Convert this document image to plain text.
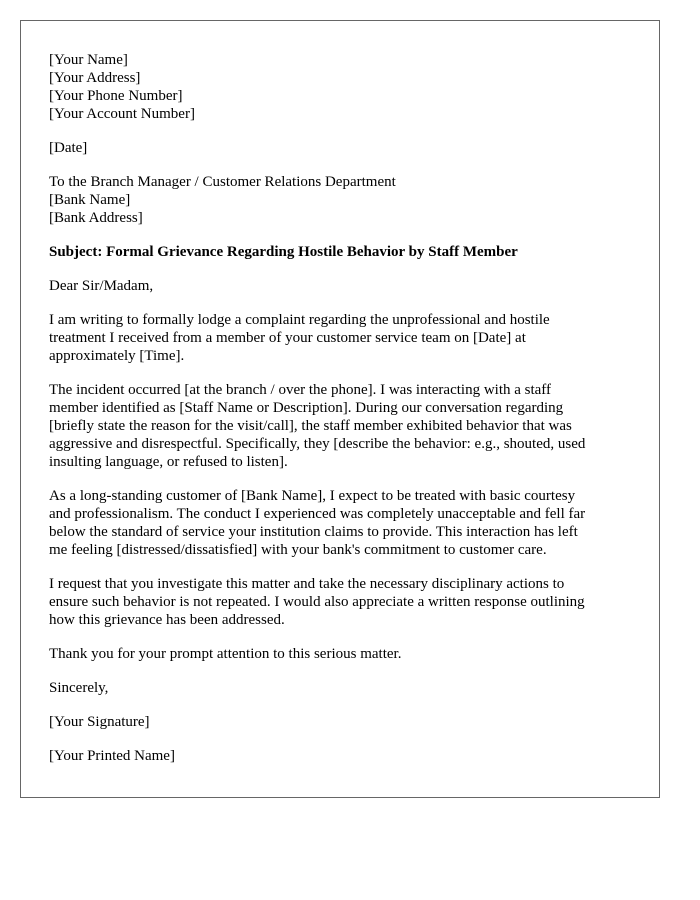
[Your Name]
[Your Address]
[Your Phone Number]
[Your Account Number]
[Date]
To the Branch Manager / Customer Relations Department
[Bank Name]
[Bank Address]
Subject: Formal Grievance Regarding Hostile Behavior by Staff Member
Dear Sir/Madam,
I am writing to formally lodge a complaint regarding the unprofessional and hostile
treatment I received from a member of your customer service team on [Date] at
approximately [Time].
The incident occurred [at the branch / over the phone]. I was interacting with a staff
member identified as [Staff Name or Description]. During our conversation regarding
[briefly state the reason for the visit/call], the staff member exhibited behavior that was
aggressive and disrespectful. Specifically, they [describe the behavior: e.g., shouted, used
insulting language, or refused to listen].
As a long-standing customer of [Bank Name], I expect to be treated with basic courtesy
and professionalism. The conduct I experienced was completely unacceptable and fell far
below the standard of service your institution claims to provide. This interaction has left
me feeling [distressed/dissatisfied] with your bank's commitment to customer care.
I request that you investigate this matter and take the necessary disciplinary actions to
ensure such behavior is not repeated. I would also appreciate a written response outlining
how this grievance has been addressed.
Thank you for your prompt attention to this serious matter.
Sincerely,
[Your Signature]
[Your Printed Name]
